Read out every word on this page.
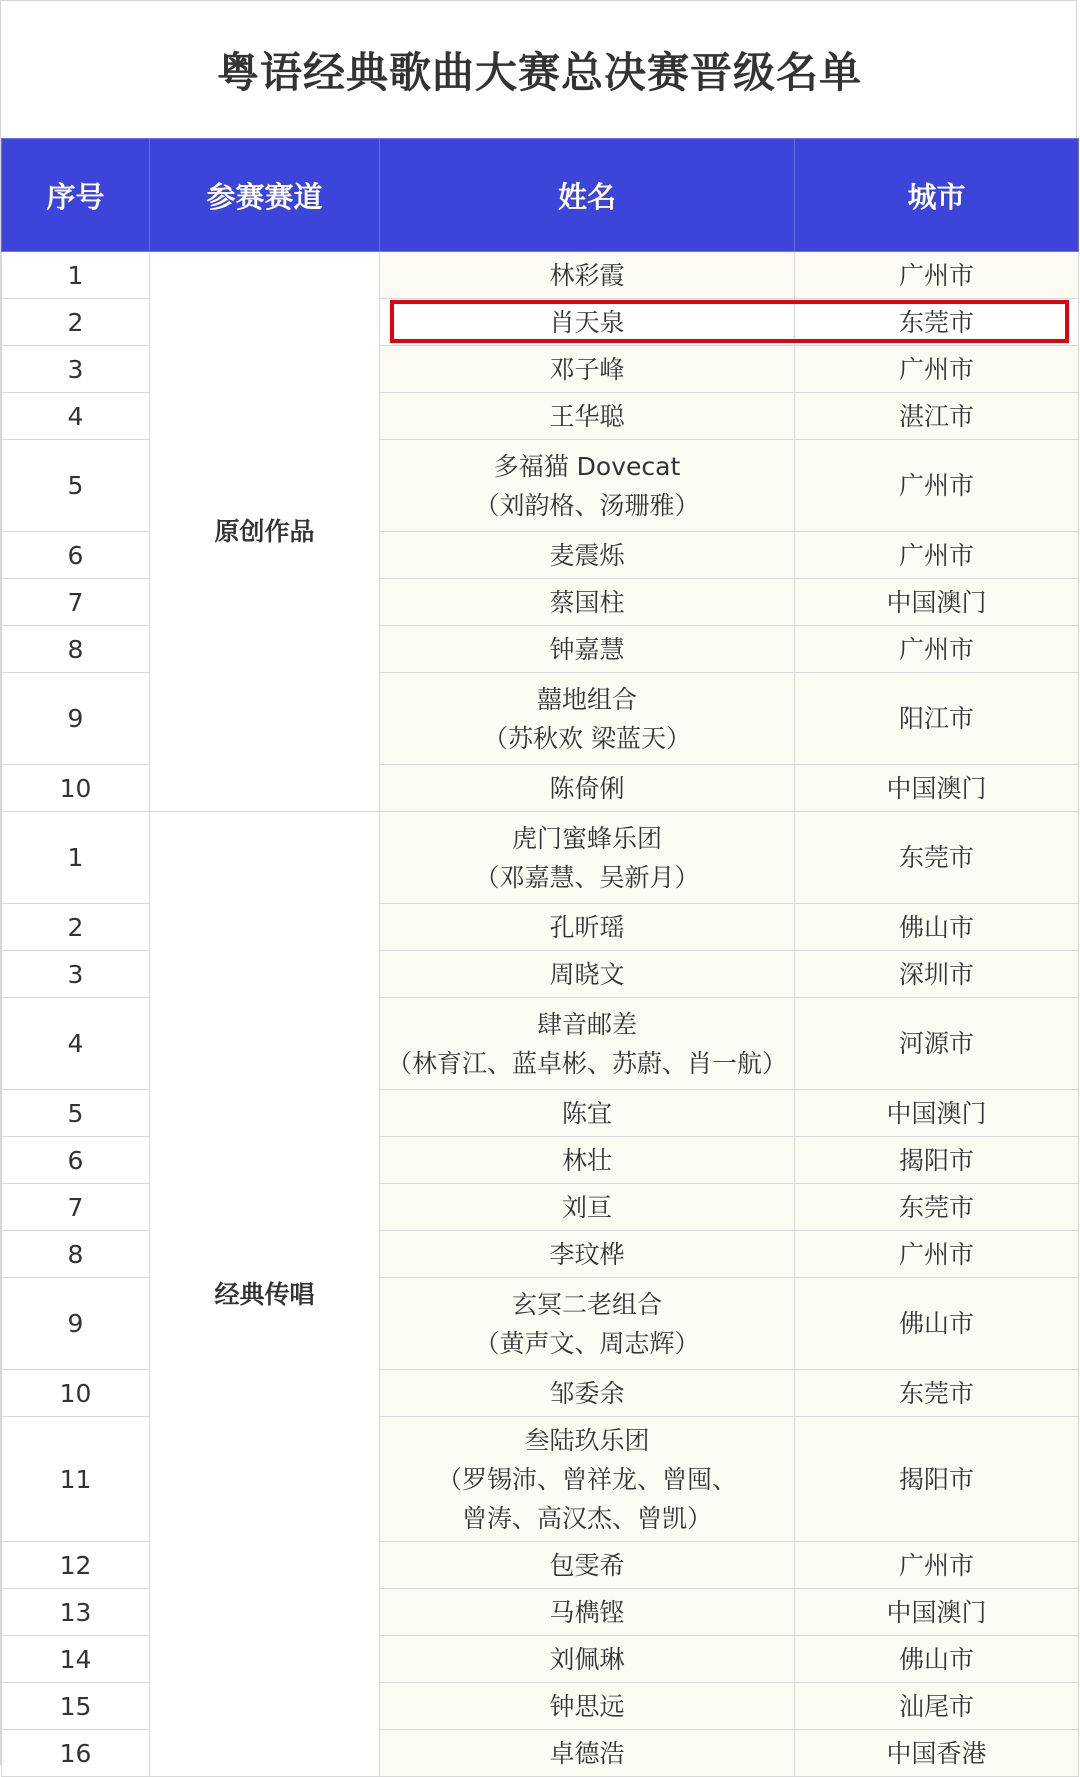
粤语经典歌曲大赛总决赛晋级名单
序号	参赛赛道	姓名	城市
1	原创作品	林彩霞	广州市
2		肖天泉	东莞市
3		邓子峰	广州市
4		王华聪	湛江市
5		多福猫 Dovecat
（刘韵格、汤珊雅）	广州市
6		麦震烁	广州市
7		蔡国柱	中国澳门
8		钟嘉慧	广州市
9		囍地组合
（苏秋欢 梁蓝天）	阳江市
10		陈倚俐	中国澳门
1	经典传唱	虎门蜜蜂乐团
（邓嘉慧、吴新月）	东莞市
2		孔昕瑶	佛山市
3		周晓文	深圳市
4		肆音邮差
（林育江、蓝卓彬、苏蔚、肖一航）	河源市
5		陈宜	中国澳门
6		林壮	揭阳市
7		刘亘	东莞市
8		李玟桦	广州市
9		玄冥二老组合
（黄声文、周志辉）	佛山市
10		邹委余	东莞市
11		叁陆玖乐团
（罗锡沛、曾祥龙、曾囤、
曾涛、高汉杰、曾凯）	揭阳市
12		包雯希	广州市
13		马檇铿	中国澳门
14		刘佩琳	佛山市
15		钟思远	汕尾市
16		卓德浩	中国香港
